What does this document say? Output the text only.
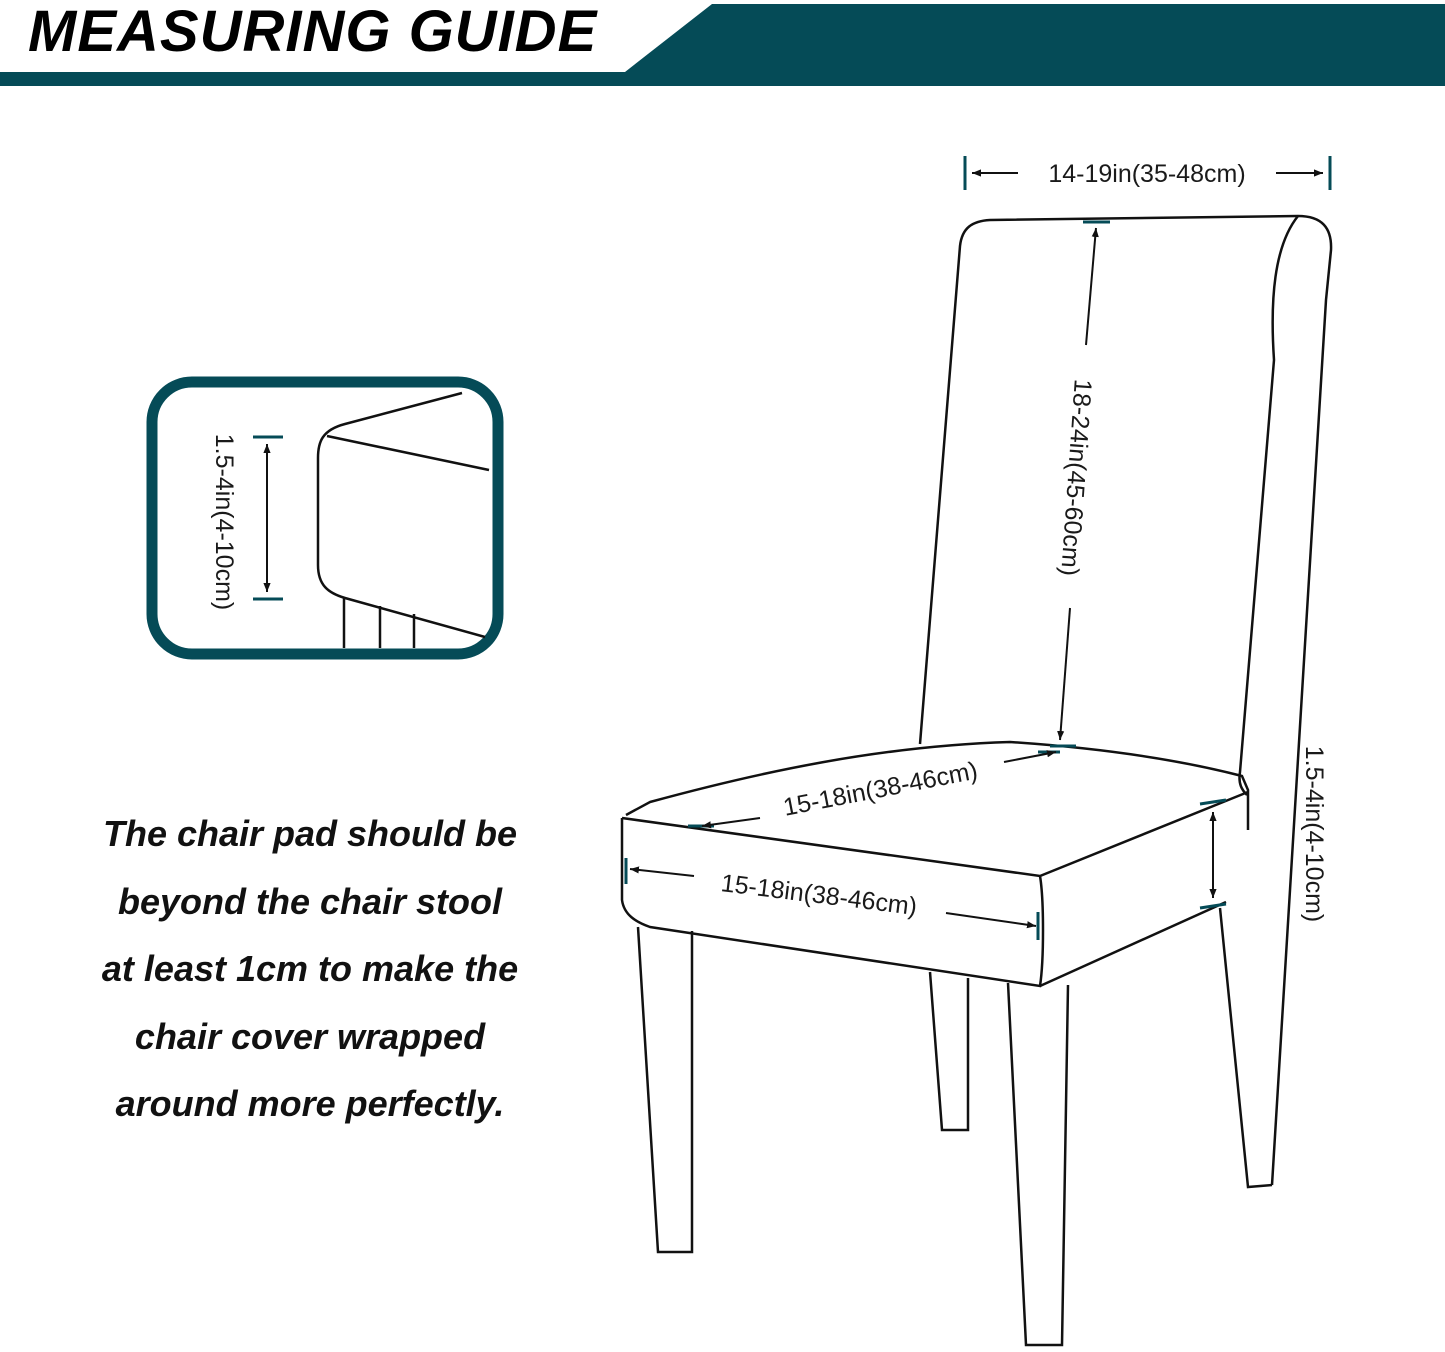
MEASURING GUIDE
1.5-4in(4-10cm)
14-19in(35-48cm)
18-24in(45-60cm)
15-18in(38-46cm)
15-18in(38-46cm)	1.5-4in(4-10cm)
The chair pad should be
beyond the chair stool
at least 1cm to make the
chair cover wrapped
around more perfectly.
